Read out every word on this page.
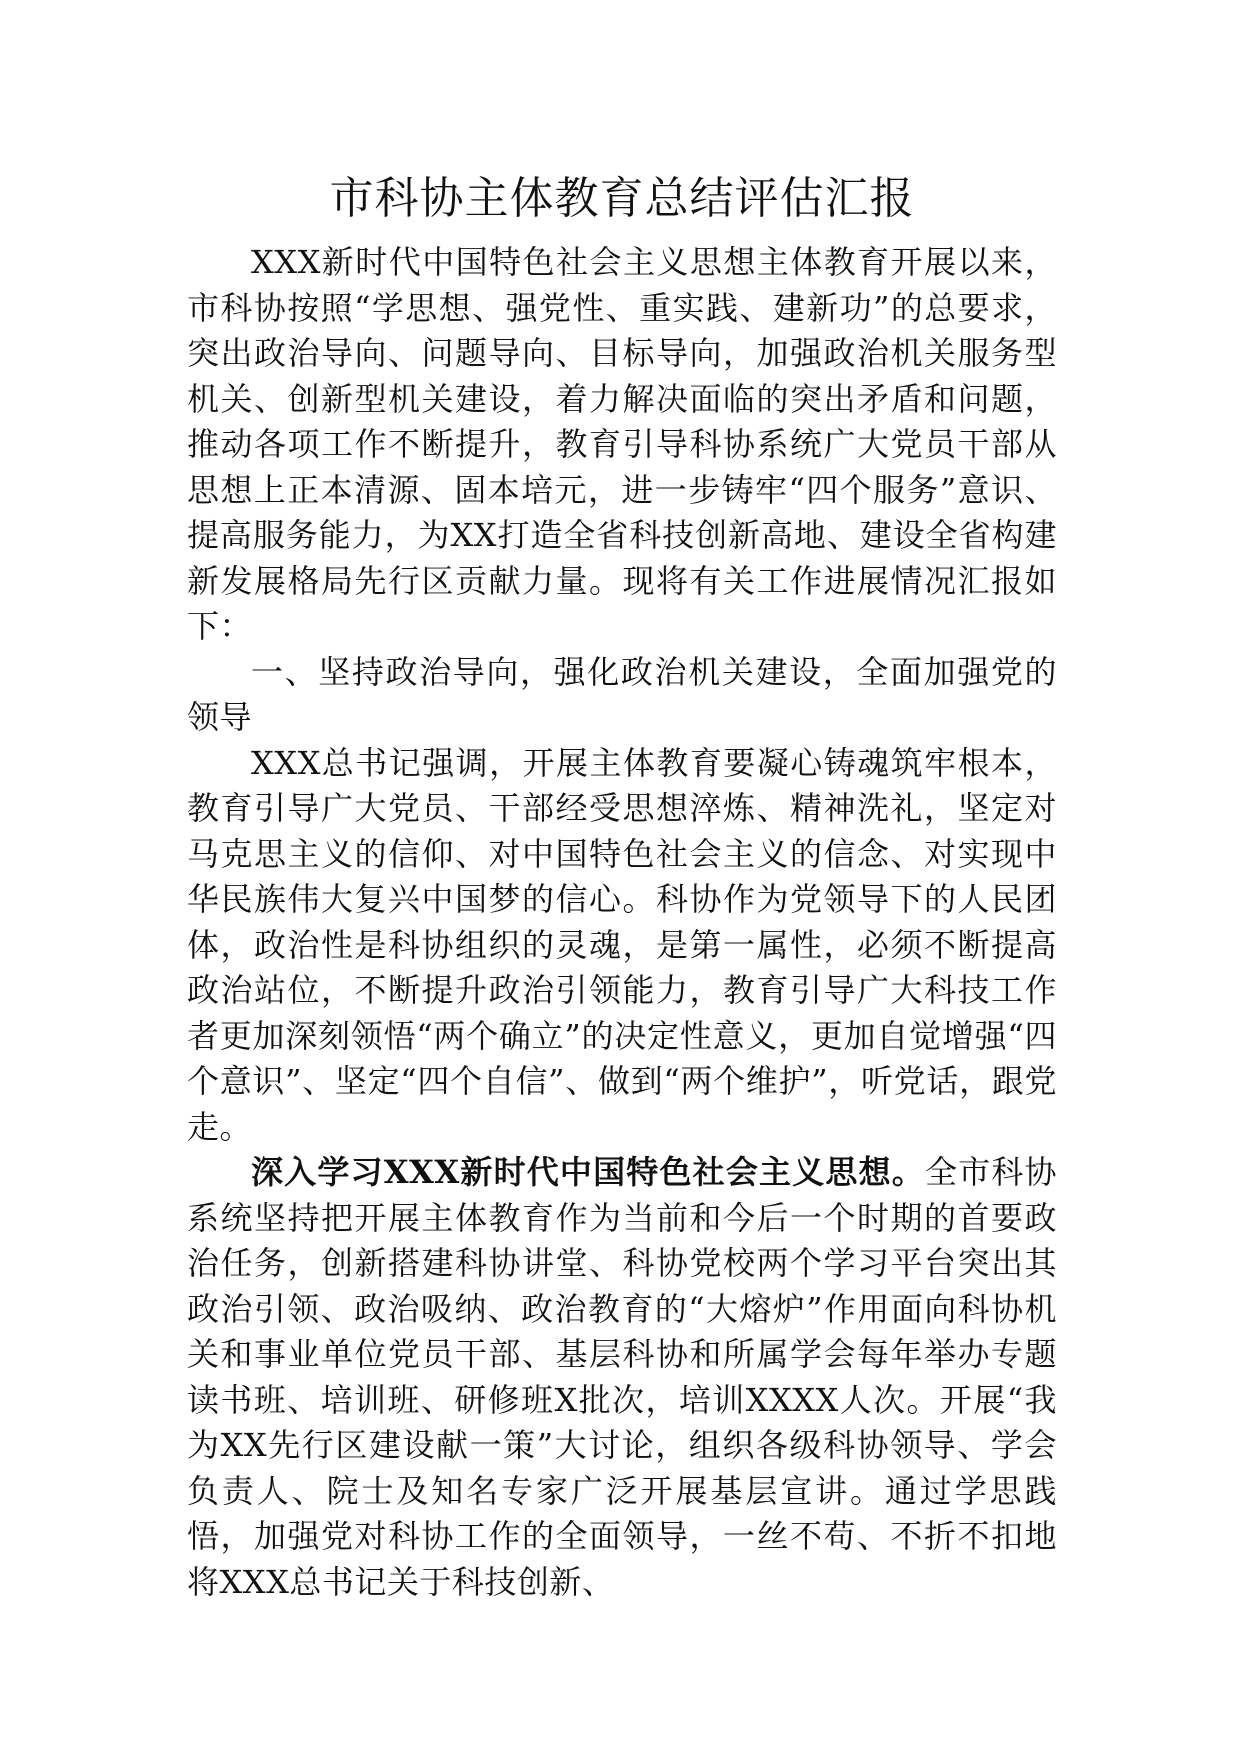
市科协主体教育总结评估汇报

XXX新时代中国特色社会主义思想主体教育开展以来，市科协按照“学思想、强党性、重实践、建新功”的总要求，突出政治导向、问题导向、目标导向，加强政治机关服务型机关、创新型机关建设，着力解决面临的突出矛盾和问题，推动各项工作不断提升，教育引导科协系统广大党员干部从思想上正本清源、固本培元，进一步铸牢“四个服务”意识、提高服务能力，为XX打造全省科技创新高地、建设全省构建新发展格局先行区贡献力量。现将有关工作进展情况汇报如下：

一、坚持政治导向，强化政治机关建设，全面加强党的领导

XXX总书记强调，开展主体教育要凝心铸魂筑牢根本，教育引导广大党员、干部经受思想淬炼、精神洗礼，坚定对马克思主义的信仰、对中国特色社会主义的信念、对实现中华民族伟大复兴中国梦的信心。科协作为党领导下的人民团体，政治性是科协组织的灵魂，是第一属性，必须不断提高政治站位，不断提升政治引领能力，教育引导广大科技工作者更加深刻领悟“两个确立”的决定性意义，更加自觉增强“四个意识”、坚定“四个自信”、做到“两个维护”，听党话，跟党走。

深入学习XXX新时代中国特色社会主义思想。全市科协系统坚持把开展主体教育作为当前和今后一个时期的首要政治任务，创新搭建科协讲堂、科协党校两个学习平台突出其政治引领、政治吸纳、政治教育的“大熔炉”作用面向科协机关和事业单位党员干部、基层科协和所属学会每年举办专题读书班、培训班、研修班X批次，培训XXXX人次。开展“我为XX先行区建设献一策”大讨论，组织各级科协领导、学会负责人、院士及知名专家广泛开展基层宣讲。通过学思践悟，加强党对科协工作的全面领导，一丝不苟、不折不扣地将XXX总书记关于科技创新、
